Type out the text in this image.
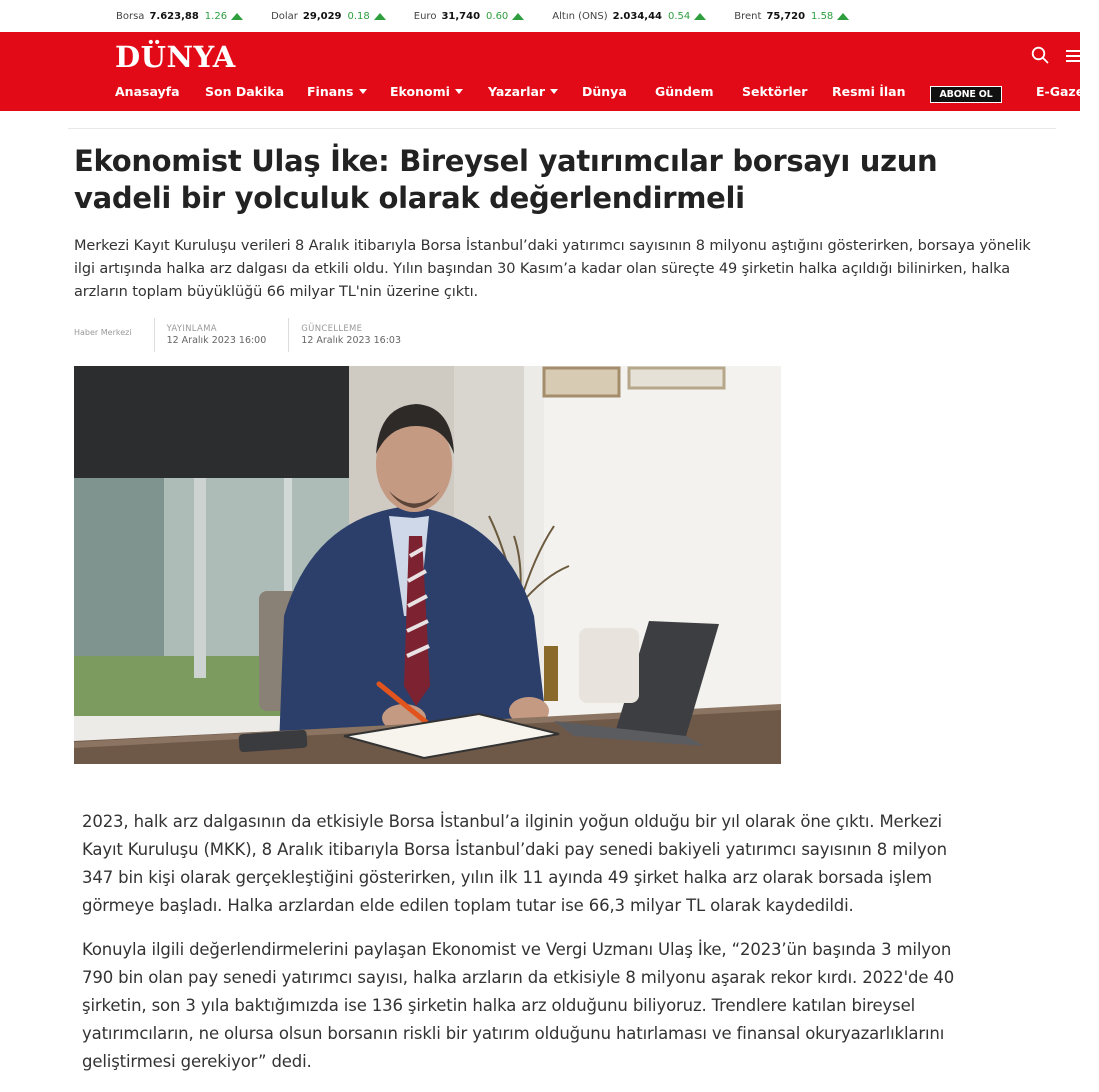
Borsa 7.623,88 1.26	Dolar 29,029 0.18	Euro 31,740 0.60	Altın (ONS) 2.034,44 0.54	Brent 75,720 1.58
DÜNYA
Anasayfa Son Dakika Finans	Ekonomi	Yazarlar	Dünya Gündem Sektörler Resmi İlan	E-Gazete
ABONE OL
Ekonomist Ulaş İke: Bireysel yatırımcılar borsayı uzun vadeli bir yolculuk olarak değerlendirmeli
Merkezi Kayıt Kuruluşu verileri 8 Aralık itibarıyla Borsa İstanbul’daki yatırımcı sayısının 8 milyonu aştığını gösterirken, borsaya yönelik ilgi artışında halka arz dalgası da etkili oldu. Yılın başından 30 Kasım’a kadar olan süreçte 49 şirketin halka açıldığı bilinirken, halka arzların toplam büyüklüğü 66 milyar TL'nin üzerine çıktı.
Haber Merkezi	YAYINLAMA
12 Aralık 2023 16:00
GÜNCELLEME
12 Aralık 2023 16:03

2023, halk arz dalgasının da etkisiyle Borsa İstanbul’a ilginin yoğun olduğu bir yıl olarak öne çıktı. Merkezi Kayıt Kuruluşu (MKK), 8 Aralık itibarıyla Borsa İstanbul’daki pay senedi bakiyeli yatırımcı sayısının 8 milyon 347 bin kişi olarak gerçekleştiğini gösterirken, yılın ilk 11 ayında 49 şirket halka arz olarak borsada işlem görmeye başladı. Halka arzlardan elde edilen toplam tutar ise 66,3 milyar TL olarak kaydedildi.

Konuyla ilgili değerlendirmelerini paylaşan Ekonomist ve Vergi Uzmanı Ulaş İke, “2023’ün başında 3 milyon 790 bin olan pay senedi yatırımcı sayısı, halka arzların da etkisiyle 8 milyonu aşarak rekor kırdı. 2022'de 40 şirketin, son 3 yıla baktığımızda ise 136 şirketin halka arz olduğunu biliyoruz. Trendlere katılan bireysel yatırımcıların, ne olursa olsun borsanın riskli bir yatırım olduğunu hatırlaması ve finansal okuryazarlıklarını geliştirmesi gerekiyor” dedi.
